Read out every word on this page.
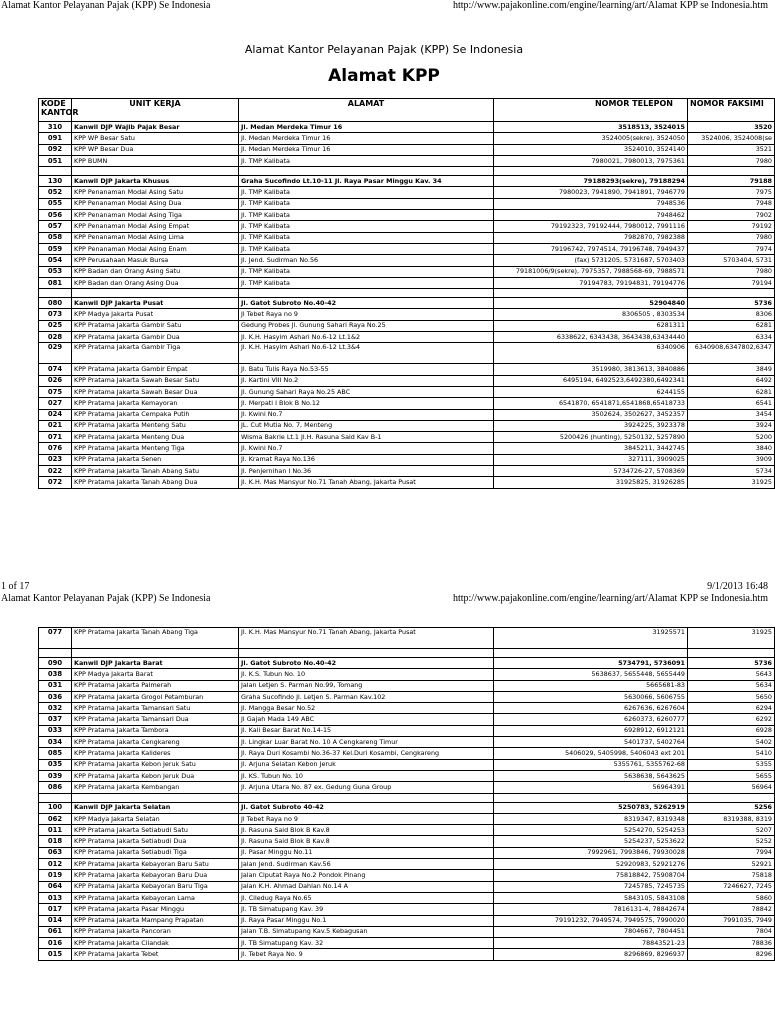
Alamat Kantor Pelayanan Pajak (KPP) Se Indonesia	http://www.pajakonline.com/engine/learning/art/Alamat KPP se Indonesia.htm
Alamat Kantor Pelayanan Pajak (KPP) Se Indonesia
Alamat KPP
KODE KANTOR	UNIT KERJA	ALAMAT	NOMOR TELEPON	NOMOR FAKSIMI
310	Kanwil DJP Wajib Pajak Besar	Jl. Medan Merdeka Timur 16	3518513, 3524015	3520
091	KPP WP Besar Satu	Jl. Medan Merdeka Timur 16	3524005(sekre), 3524050	3524006, 3524008(se
092	KPP WP Besar Dua	Jl. Medan Merdeka Timur 16	3524010, 3524140	3521
051	KPP BUMN	Jl. TMP Kalibata	7980021, 7980013, 7975361	7980

130	Kanwil DJP Jakarta Khusus	Graha Sucofindo Lt.10-11 Jl. Raya Pasar Minggu Kav. 34	79188293(sekre), 79188294	79188
052	KPP Penanaman Modal Asing Satu	Jl. TMP Kalibata	7980023, 7941890, 7941891, 7946779	7975
055	KPP Penanaman Modal Asing Dua	Jl. TMP Kalibata	7948536	7948
056	KPP Penanaman Modal Asing Tiga	Jl. TMP Kalibata	7948462	7902
057	KPP Penanaman Modal Asing Empat	Jl. TMP Kalibata	79192323, 79192444, 7980012, 7991116	79192
058	KPP Penanaman Modal Asing Lima	Jl. TMP Kalibata	7982870, 7982388	7980
059	KPP Penanaman Modal Asing Enam	Jl. TMP Kalibata	79196742, 7974514, 79196748, 7949437	7974
054	KPP Perusahaan Masuk Bursa	Jl. Jend. Sudirman No.56	(fax) 5731205, 5731687, 5703403	5703404, 5731
053	KPP Badan dan Orang Asing Satu	Jl. TMP Kalibata	79181006/9(sekre), 7975357, 7988568-69, 7988571	7980
081	KPP Badan dan Orang Asing Dua	Jl. TMP Kalibata	79194783, 79194831, 79194776	79194

080	Kanwil DJP Jakarta Pusat	Jl. Gatot Subroto No.40-42	52904840	5736
073	KPP Madya Jakarta Pusat	Jl Tebet Raya no 9	8306505 , 8303534	8306
025	KPP Pratama Jakarta Gambir Satu	Gedung Probes Jl. Gunung Sahari Raya No.25	6281311	6281
028	KPP Pratama Jakarta Gambir Dua	Jl. K.H. Hasyim Ashari No.6-12 Lt.1&2	6338622, 6343438, 3643438,63434440	6334
029	KPP Pratama Jakarta Gambir Tiga	Jl. K.H. Hasyim Ashari No.6-12 Lt.3&4	6340906	6340908,6347802,6347
074	KPP Pratama Jakarta Gambir Empat	Jl. Batu Tulis Raya No.53-55	3519980, 3813613, 3840886	3849
026	KPP Pratama Jakarta Sawah Besar Satu	Jl. Kartini VIII No.2	6495194, 6492523,6492380,6492341	6492
075	KPP Pratama Jakarta Sawah Besar Dua	Jl. Gunung Sahari Raya No.25 ABC	6244155	6281
027	KPP Pratama Jakarta Kemayoran	Jl. Merpati I Blok B No.12	6541870, 6541871,6541868,65418733	6541
024	KPP Pratama Jakarta Cempaka Putih	Jl. Kwini No.7	3502624, 3502627, 3452357	3454
021	KPP Pratama Jakarta Menteng Satu	JL. Cut Mutia No. 7, Menteng	3924225, 3923378	3924
071	KPP Pratama Jakarta Menteng Dua	Wisma Bakrie Lt.1 Jl.H. Rasuna Said Kav B-1	5200426 (hunting), 5250132, 5257890	5200
076	KPP Pratama Jakarta Menteng Tiga	Jl. Kwini No.7	3845211, 3442745	3840
023	KPP Pratama Jakarta Senen	Jl. Kramat Raya No.136	327111, 3909025	3909
022	KPP Pratama Jakarta Tanah Abang Satu	Jl. Penjernihan I No.36	5734726-27, 5708369	5734
072	KPP Pratama Jakarta Tanah Abang Dua	Jl. K.H. Mas Mansyur No.71 Tanah Abang, Jakarta Pusat	31925825, 31926285	31925
1 of 17	9/1/2013 16:48
Alamat Kantor Pelayanan Pajak (KPP) Se Indonesia	http://www.pajakonline.com/engine/learning/art/Alamat KPP se Indonesia.htm
077	KPP Pratama Jakarta Tanah Abang Tiga	Jl. K.H. Mas Mansyur No.71 Tanah Abang, Jakarta Pusat	31925571	31925

090	Kanwil DJP Jakarta Barat	Jl. Gatot Subroto No.40-42	5734791, 5736091	5736
038	KPP Madya Jakarta Barat	Jl. K.S. Tubun No. 10	5638637, 5655448, 5655449	5643
031	KPP Pratama Jakarta Palmerah	Jalan Letjen S. Parman No.99, Tomang	5665681-83	5634
036	KPP Pratama Jakarta Grogol Petamburan	Graha Sucofindo Jl. Letjen S. Parman Kav.102	5630066, 5606755	5650
032	KPP Pratama Jakarta Tamansari Satu	Jl. Mangga Besar No.52	6267636, 6267604	6294
037	KPP Pratama Jakarta Tamansari Dua	Jl Gajah Mada 149 ABC	6260373, 6260777	6292
033	KPP Pratama Jakarta Tambora	Jl. Kali Besar Barat No.14-15	6928912, 6912121	6928
034	KPP Pratama Jakarta Cengkareng	Jl. Lingkar Luar Barat No. 10 A Cengkareng Timur	5401737, 5402764	5402
085	KPP Pratama Jakarta Kalideres	Jl. Raya Duri Kosambi No.36-37 Kel.Duri Kosambi, Cengkareng	5406029, 5405998, 5406043 ext 201	5410
035	KPP Pratama Jakarta Kebon Jeruk Satu	Jl. Arjuna Selatan Kebon Jeruk	5355761, 5355762-68	5355
039	KPP Pratama Jakarta Kebon Jeruk Dua	Jl. KS. Tubun No. 10	5638638, 5643625	5655
086	KPP Pratama Jakarta Kembangan	Jl. Arjuna Utara No. 87 ex. Gedung Guna Group	56964391	56964

100	Kanwil DJP Jakarta Selatan	Jl. Gatot Subroto 40-42	5250783, 5262919	5256
062	KPP Madya Jakarta Selatan	Jl Tebet Raya no 9	8319347, 8319348	8319388, 8319
011	KPP Pratama Jakarta Setiabudi Satu	Jl. Rasuna Said Blok B Kav.8	5254270, 5254253	5207
018	KPP Pratama Jakarta Setiabudi Dua	Jl. Rasuna Said Blok B Kav.8	5254237, 5253622	5252
063	KPP Pratama Jakarta Setiabudi Tiga	Jl. Pasar Minggu No.11	7992961, 7993846, 79930028	7994
012	KPP Pratama Jakarta Kebayoran Baru Satu	Jalan Jend. Sudirman Kav.56	52920983, 52921276	52921
019	KPP Pratama Jakarta Kebayoran Baru Dua	Jalan Ciputat Raya No.2 Pondok Pinang	75818842, 75908704	75818
064	KPP Pratama Jakarta Kebayoran Baru Tiga	Jalan K.H. Ahmad Dahlan No.14 A	7245785, 7245735	7246627, 7245
013	KPP Pratama Jakarta Kebayoran Lama	Jl. Ciledug Raya No.65	5843105, 5843108	5860
017	KPP Pratama Jakarta Pasar Minggu	Jl. TB Simatupang Kav. 39	7816131-4, 78842674	78842
014	KPP Pratama Jakarta Mampang Prapatan	Jl. Raya Pasar Minggu No.1	79191232, 7949574, 7949575, 7990020	7991035, 7949
061	KPP Pratama Jakarta Pancoran	Jalan T.B. Simatupang Kav.5 Kebagusan	7804667, 7804451	7804
016	KPP Pratama Jakarta Cilandak	Jl. TB Simatupang Kav. 32	78843521-23	78836
015	KPP Pratama Jakarta Tebet	Jl. Tebet Raya No. 9	8296869, 8296937	8296
